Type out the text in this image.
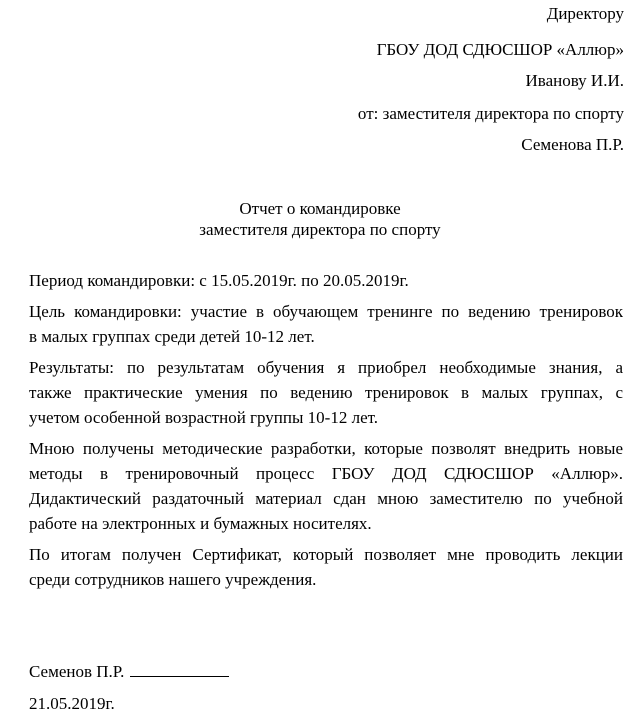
Директору
ГБОУ ДОД СДЮСШОР «Аллюр»
Иванову И.И.
от: заместителя директора по спорту
Семенова П.Р.
Отчет о командировке
заместителя директора по спорту
Период командировки: с 15.05.2019г. по 20.05.2019г.
Цель командировки: участие в обучающем тренинге по ведению тренировок
в малых группах среди детей 10-12 лет.
Результаты: по результатам обучения я приобрел необходимые знания, а
также практические умения по ведению тренировок в малых группах, с
учетом особенной возрастной группы 10-12 лет.
Мною получены методические разработки, которые позволят внедрить новые
методы в тренировочный процесс ГБОУ ДОД СДЮСШОР «Аллюр».
Дидактический раздаточный материал сдан мною заместителю по учебной
работе на электронных и бумажных носителях.
По итогам получен Сертификат, который позволяет мне проводить лекции
среди сотрудников нашего учреждения.
Семенов П.Р.
21.05.2019г.
